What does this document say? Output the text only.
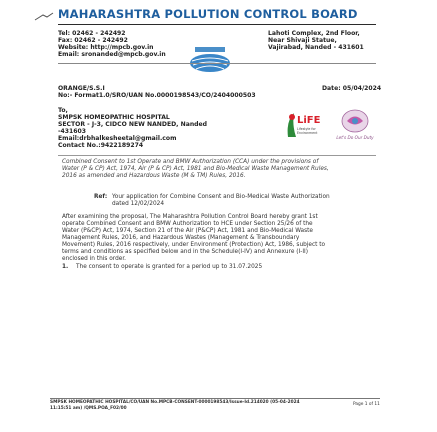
MAHARASHTRA POLLUTION CONTROL BOARD
Tel: 02462 - 242492
Fax: 02462 - 242492
Website: http://mpcb.gov.in
Email: sronanded@mpcb.gov.in
Lahoti Complex, 2nd Floor,
Near Shivaji Statue,
Vajirabad, Nanded - 431601
ORANGE/S.S.I
No:- Format1.0/SRO/UAN No.0000198543/CO/2404000503
Date: 05/04/2024
To,
SMPSK HOMEOPATHIC HOSPITAL
SECTOR - J-3, CIDCO NEW NANDED, Nanded
-431603
Email:drbhalkesheetal@gmail.com
Contact No.:9422189274
LiFE
Lifestyle for
Environment
Let's Do Our Duty
Combined Consent to 1st Operate and BMW Authorization (CCA) under the provisions of
Water (P & CP) Act, 1974, Air (P & CP) Act, 1981 and Bio-Medical Waste Management Rules,
2016 as amended and Hazardous Waste (M & TM) Rules, 2016.
Ref: Your application for Combine Consent and Bio-Medical Waste Authorization
dated 12/02/2024
After examining the proposal, The Maharashtra Pollution Control Board hereby grant 1st
operate Combined Consent and BMW Authorization to HCE under Section 25/26 of the
Water (P&CP) Act, 1974, Section 21 of the Air (P&CP) Act, 1981 and Bio-Medical Waste
Management Rules, 2016, and Hazardous Wastes (Management & Transboundary
Movement) Rules, 2016 respectively, under Environment (Protection) Act, 1986, subject to
terms and conditions as specified below and in the Schedule(I-IV) and Annexure (I-II)
enclosed in this order.
1. The consent to operate is granted for a period up to 31.07.2025
SMPSK HOMEOPATHIC HOSPITAL/CO/UAN No.MPCB-CONSENT-0000198543/Issue-Id.214020 (05-04-2024
11:15:51 am) /QMS.POA_F02/00
Page 1 of 11
